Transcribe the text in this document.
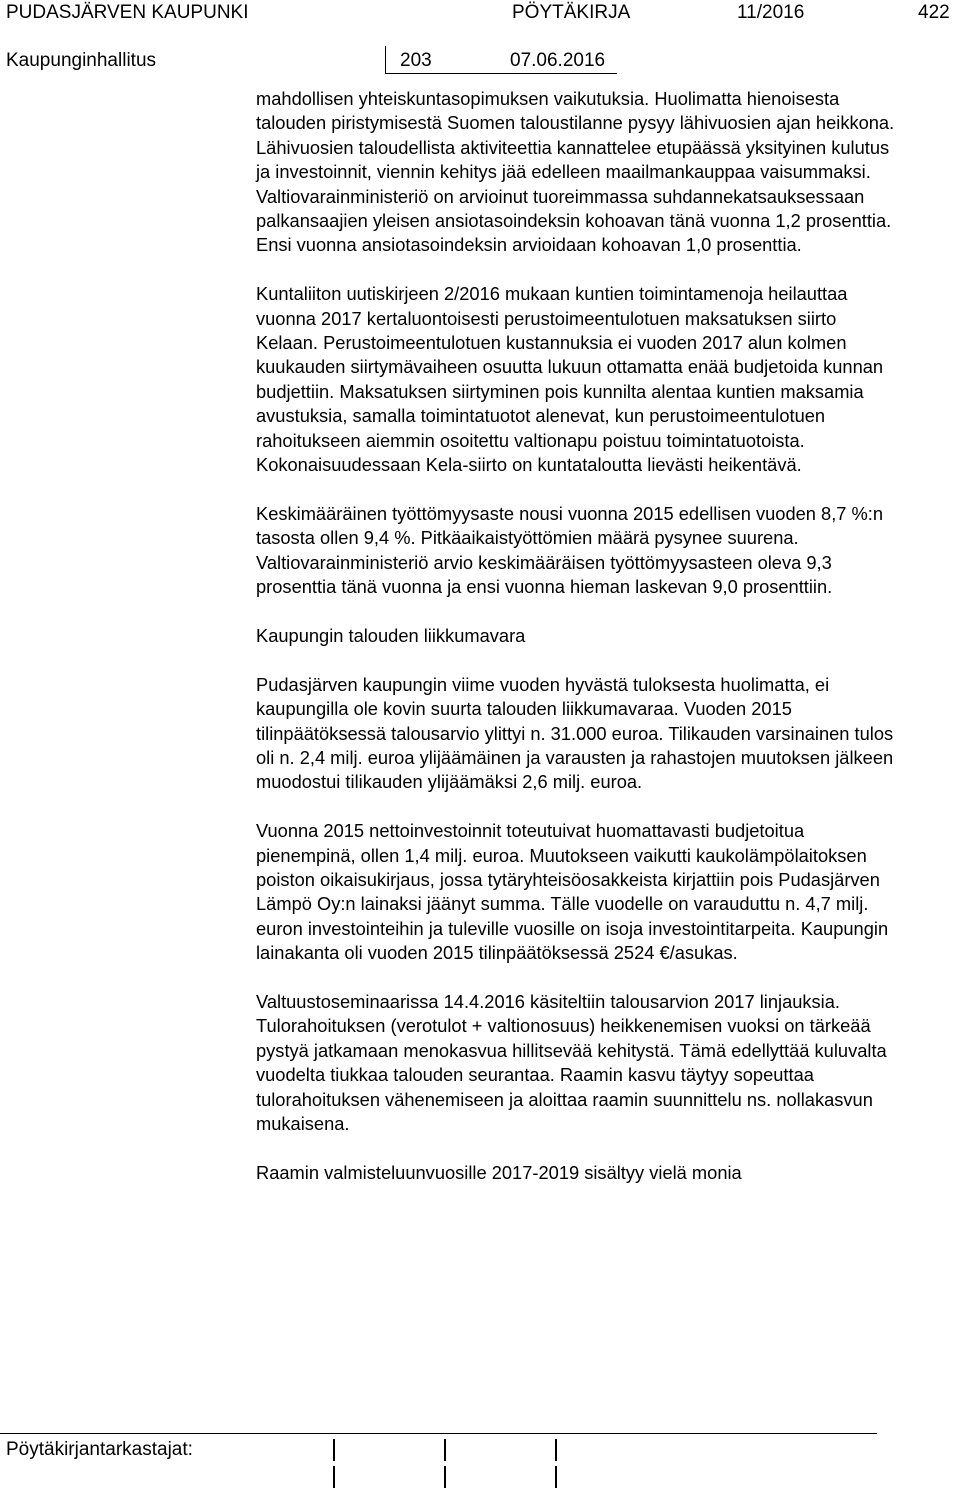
PUDASJÄRVEN KAUPUNKI	PÖYTÄKIRJA	11/2016	422
Kaupunginhallitus	203	07.06.2016

mahdollisen yhteiskuntasopimuksen vaikutuksia. Huolimatta hienoisesta talouden piristymisestä Suomen taloustilanne pysyy lähivuosien ajan heikkona. Lähivuosien taloudellista aktiviteettia kannattelee etupäässä yksityinen kulutus ja investoinnit, viennin kehitys jää edelleen maailmankauppaa vaisummaksi. Valtiovarainministeriö on arvioinut tuoreimmassa suhdannekatsauksessaan palkansaajien yleisen ansiotasoindeksin kohoavan tänä vuonna 1,2 prosenttia. Ensi vuonna ansiotasoindeksin arvioidaan kohoavan 1,0 prosenttia.

Kuntaliiton uutiskirjeen 2/2016 mukaan kuntien toimintamenoja heilauttaa vuonna 2017 kertaluontoisesti perustoimeentulotuen maksatuksen siirto Kelaan. Perustoimeentulotuen kustannuksia ei vuoden 2017 alun kolmen kuukauden siirtymävaiheen osuutta lukuun ottamatta enää budjetoida kunnan budjettiin. Maksatuksen siirtyminen pois kunnilta alentaa kuntien maksamia avustuksia, samalla toimintatuotot alenevat, kun perustoimeentulotuen rahoitukseen aiemmin osoitettu valtionapu poistuu toimintatuotoista. Kokonaisuudessaan Kela-siirto on kuntataloutta lievästi heikentävä.

Keskimääräinen työttömyysaste nousi vuonna 2015 edellisen vuoden 8,7 %:n tasosta ollen 9,4 %. Pitkäaikaistyöttömien määrä pysynee suurena. Valtiovarainministeriö arvio keskimääräisen työttömyysasteen oleva 9,3 prosenttia tänä vuonna ja ensi vuonna hieman laskevan 9,0 prosenttiin.

Kaupungin talouden liikkumavara

Pudasjärven kaupungin viime vuoden hyvästä tuloksesta huolimatta, ei kaupungilla ole kovin suurta talouden liikkumavaraa. Vuoden 2015 tilinpäätöksessä talousarvio ylittyi n. 31.000 euroa. Tilikauden varsinainen tulos oli n. 2,4 milj. euroa ylijäämäinen ja varausten ja rahastojen muutoksen jälkeen muodostui tilikauden ylijäämäksi 2,6 milj. euroa.

Vuonna 2015 nettoinvestoinnit toteutuivat huomattavasti budjetoitua pienempinä, ollen 1,4 milj. euroa. Muutokseen vaikutti kaukolämpölaitoksen poiston oikaisukirjaus, jossa tytäryhteisöosakkeista kirjattiin pois Pudasjärven Lämpö Oy:n lainaksi jäänyt summa. Tälle vuodelle on varauduttu n. 4,7 milj. euron investointeihin ja tuleville vuosille on isoja investointitarpeita. Kaupungin lainakanta oli vuoden 2015 tilinpäätöksessä 2524 €/asukas.

Valtuustoseminaarissa 14.4.2016 käsiteltiin talousarvion 2017 linjauksia. Tulorahoituksen (verotulot + valtionosuus) heikkenemisen vuoksi on tärkeää pystyä jatkamaan menokasvua hillitsevää kehitystä. Tämä edellyttää kuluvalta vuodelta tiukkaa talouden seurantaa. Raamin kasvu täytyy sopeuttaa tulorahoituksen vähenemiseen ja aloittaa raamin suunnittelu ns. nollakasvun mukaisena.

Raamin valmisteluunvuosille 2017-2019 sisältyy vielä monia

Pöytäkirjantarkastajat:
